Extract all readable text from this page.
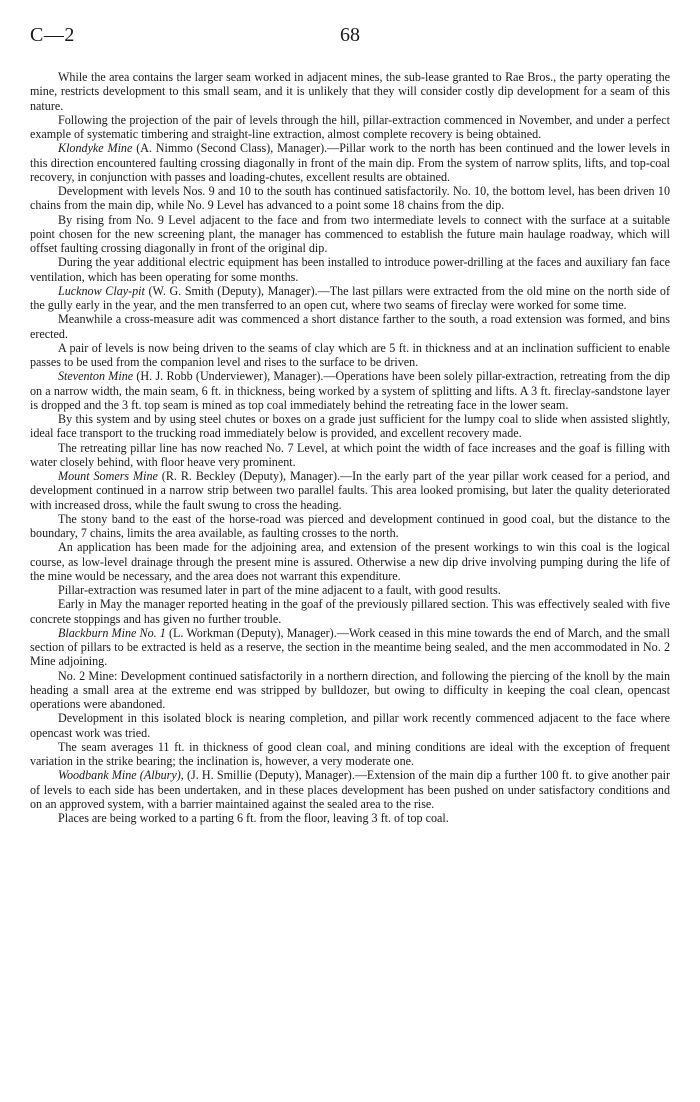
C—2	68

While the area contains the larger seam worked in adjacent mines, the sub-lease granted to Rae Bros., the party operating the mine, restricts development to this small seam, and it is unlikely that they will consider costly dip development for a seam of this nature.

Following the projection of the pair of levels through the hill, pillar-extraction commenced in November, and under a perfect example of systematic timbering and straight-line extraction, almost complete recovery is being obtained.

Klondyke Mine (A. Nimmo (Second Class), Manager).—Pillar work to the north has been continued and the lower levels in this direction encountered faulting crossing diagonally in front of the main dip. From the system of narrow splits, lifts, and top-coal recovery, in conjunction with passes and loading-chutes, excellent results are obtained.

Development with levels Nos. 9 and 10 to the south has continued satisfactorily. No. 10, the bottom level, has been driven 10 chains from the main dip, while No. 9 Level has advanced to a point some 18 chains from the dip.

By rising from No. 9 Level adjacent to the face and from two intermediate levels to connect with the surface at a suitable point chosen for the new screening plant, the manager has commenced to establish the future main haulage roadway, which will offset faulting crossing diagonally in front of the original dip.

During the year additional electric equipment has been installed to introduce power-drilling at the faces and auxiliary fan face ventilation, which has been operating for some months.

Lucknow Clay-pit (W. G. Smith (Deputy), Manager).—The last pillars were extracted from the old mine on the north side of the gully early in the year, and the men transferred to an open cut, where two seams of fireclay were worked for some time.

Meanwhile a cross-measure adit was commenced a short distance farther to the south, a road extension was formed, and bins erected.

A pair of levels is now being driven to the seams of clay which are 5 ft. in thickness and at an inclination sufficient to enable passes to be used from the companion level and rises to the surface to be driven.

Steventon Mine (H. J. Robb (Underviewer), Manager).—Operations have been solely pillar-extraction, retreating from the dip on a narrow width, the main seam, 6 ft. in thickness, being worked by a system of splitting and lifts. A 3 ft. fireclay-sandstone layer is dropped and the 3 ft. top seam is mined as top coal immediately behind the retreating face in the lower seam.

By this system and by using steel chutes or boxes on a grade just sufficient for the lumpy coal to slide when assisted slightly, ideal face transport to the trucking road immediately below is provided, and excellent recovery made.

The retreating pillar line has now reached No. 7 Level, at which point the width of face increases and the goaf is filling with water closely behind, with floor heave very prominent.

Mount Somers Mine (R. R. Beckley (Deputy), Manager).—In the early part of the year pillar work ceased for a period, and development continued in a narrow strip between two parallel faults. This area looked promising, but later the quality deteriorated with increased dross, while the fault swung to cross the heading.

The stony band to the east of the horse-road was pierced and development continued in good coal, but the distance to the boundary, 7 chains, limits the area available, as faulting crosses to the north.

An application has been made for the adjoining area, and extension of the present workings to win this coal is the logical course, as low-level drainage through the present mine is assured. Otherwise a new dip drive involving pumping during the life of the mine would be necessary, and the area does not warrant this expenditure.

Pillar-extraction was resumed later in part of the mine adjacent to a fault, with good results.

Early in May the manager reported heating in the goaf of the previously pillared section. This was effectively sealed with five concrete stoppings and has given no further trouble.

Blackburn Mine No. 1 (L. Workman (Deputy), Manager).—Work ceased in this mine towards the end of March, and the small section of pillars to be extracted is held as a reserve, the section in the meantime being sealed, and the men accommodated in No. 2 Mine adjoining.

No. 2 Mine: Development continued satisfactorily in a northern direction, and following the piercing of the knoll by the main heading a small area at the extreme end was stripped by bulldozer, but owing to difficulty in keeping the coal clean, opencast operations were abandoned.

Development in this isolated block is nearing completion, and pillar work recently commenced adjacent to the face where opencast work was tried.

The seam averages 11 ft. in thickness of good clean coal, and mining conditions are ideal with the exception of frequent variation in the strike bearing; the inclination is, however, a very moderate one.

Woodbank Mine (Albury), (J. H. Smillie (Deputy), Manager).—Extension of the main dip a further 100 ft. to give another pair of levels to each side has been undertaken, and in these places development has been pushed on under satisfactory conditions and on an approved system, with a barrier maintained against the sealed area to the rise.

Places are being worked to a parting 6 ft. from the floor, leaving 3 ft. of top coal.
